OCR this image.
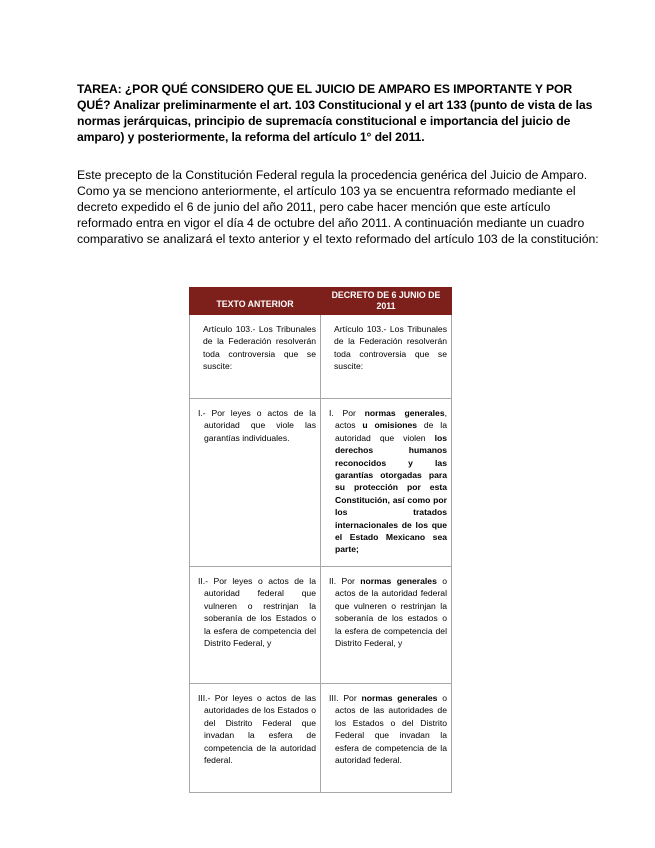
TAREA: ¿POR QUÉ CONSIDERO QUE EL JUICIO DE AMPARO ES IMPORTANTE Y POR QUÉ? Analizar preliminarmente el art. 103 Constitucional y el art 133 (punto de vista de las normas jerárquicas, principio de supremacía constitucional e importancia del juicio de amparo) y posteriormente, la reforma del artículo 1° del 2011.

Este precepto de la Constitución Federal regula la procedencia genérica del Juicio de Amparo. Como ya se menciono anteriormente, el artículo 103 ya se encuentra reformado mediante el decreto expedido el 6 de junio del año 2011, pero cabe hacer mención que este artículo reformado entra en vigor el día 4 de octubre del año 2011. A continuación mediante un cuadro comparativo se analizará el texto anterior y el texto reformado del artículo 103 de la constitución:

TEXTO ANTERIOR	DECRETO DE 6 JUNIO DE 2011

Artículo 103.- Los Tribunales de la Federación resolverán toda controversia que se suscite:	Artículo 103.- Los Tribunales de la Federación resolverán toda controversia que se suscite:

I.- Por leyes o actos de la autoridad que viole las garantías individuales.	I. Por normas generales, actos u omisiones de la autoridad que violen los derechos humanos reconocidos y las garantías otorgadas para su protección por esta Constitución, así como por los tratados internacionales de los que el Estado Mexicano sea parte;

II.- Por leyes o actos de la autoridad federal que vulneren o restrinjan la soberanía de los Estados o la esfera de competencia del Distrito Federal, y	II. Por normas generales o actos de la autoridad federal que vulneren o restrinjan la soberanía de los estados o la esfera de competencia del Distrito Federal, y

III.- Por leyes o actos de las autoridades de los Estados o del Distrito Federal que invadan la esfera de competencia de la autoridad federal.	III. Por normas generales o actos de las autoridades de los Estados o del Distrito Federal que invadan la esfera de competencia de la autoridad federal.
